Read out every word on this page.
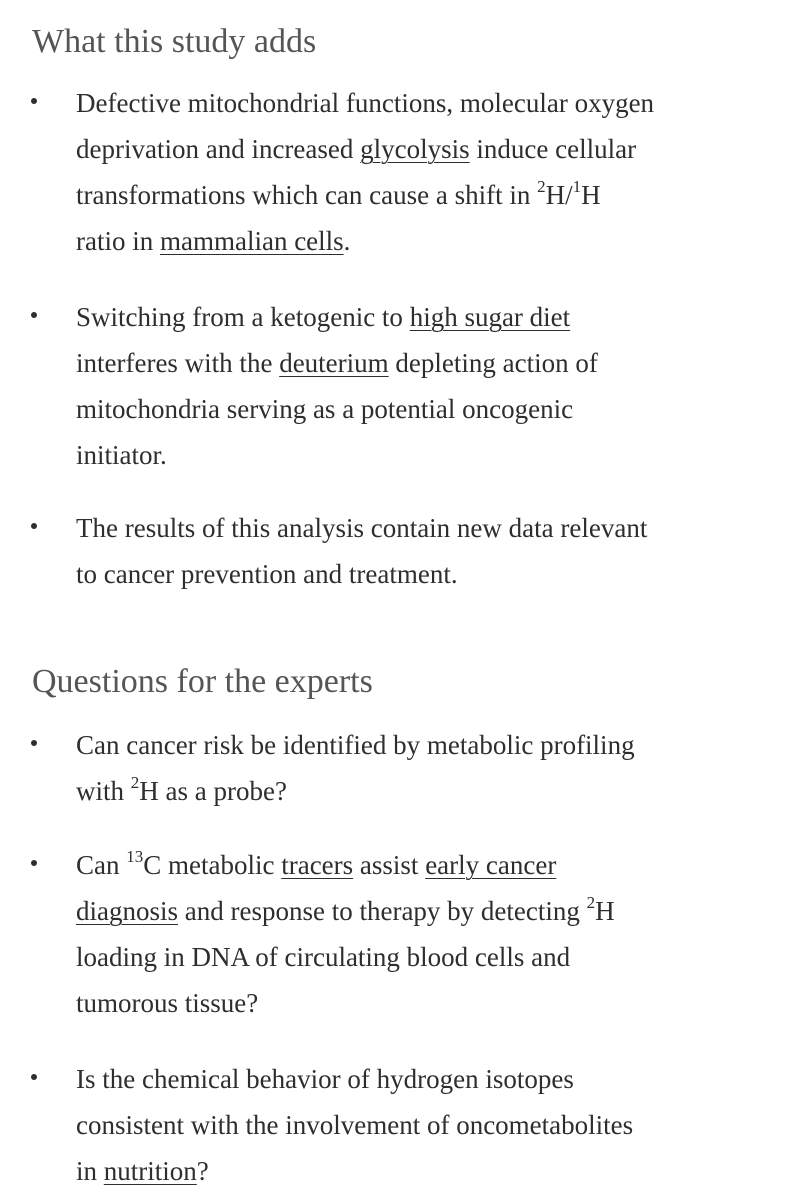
What this study adds
Defective mitochondrial functions, molecular oxygen
deprivation and increased glycolysis induce cellular
transformations which can cause a shift in $^2$H/$^1$H
ratio in mammalian cells.
Switching from a ketogenic to high sugar diet
interferes with the deuterium depleting action of
mitochondria serving as a potential oncogenic
initiator.
The results of this analysis contain new data relevant
to cancer prevention and treatment.
Questions for the experts
Can cancer risk be identified by metabolic profiling
with $^2$H as a probe?
Can $^{13}$C metabolic tracers assist early cancer
diagnosis and response to therapy by detecting $^2$H
loading in DNA of circulating blood cells and
tumorous tissue?
Is the chemical behavior of hydrogen isotopes
consistent with the involvement of oncometabolites
in nutrition?
